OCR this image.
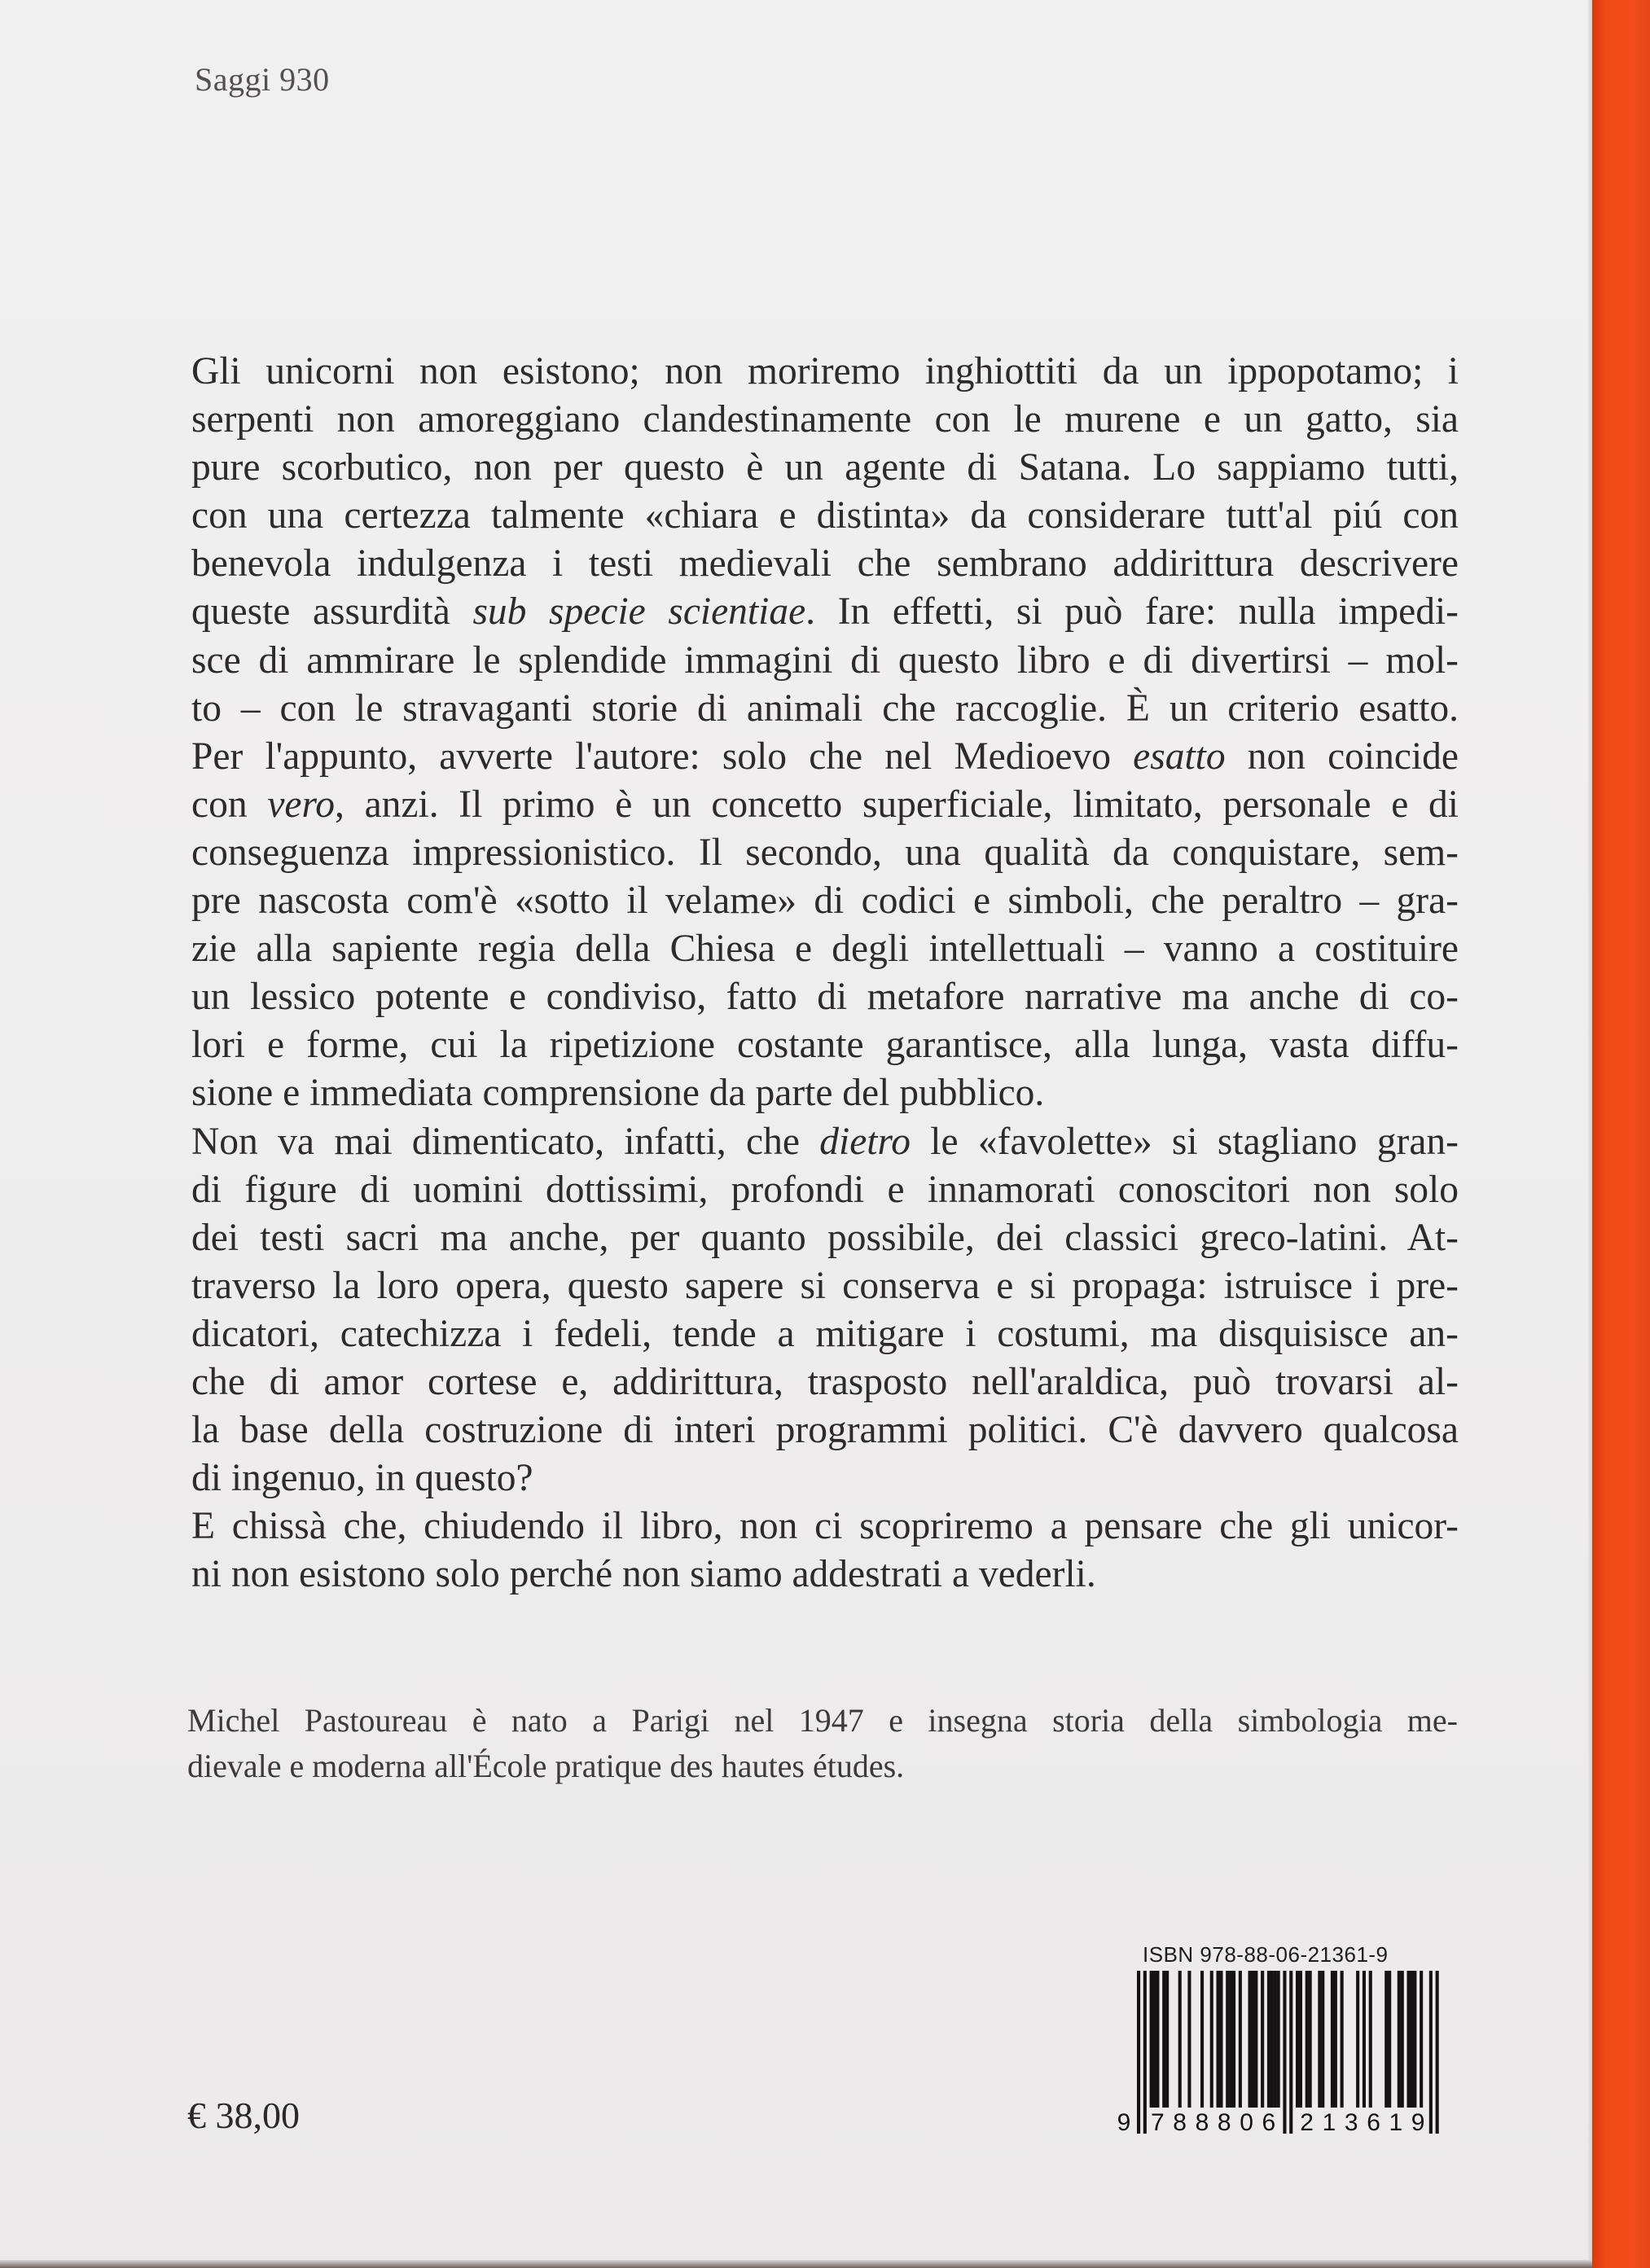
Saggi 930
Gli unicorni non esistono; non moriremo inghiottiti da un ippopotamo; i
serpenti non amoreggiano clandestinamente con le murene e un gatto, sia
pure scorbutico, non per questo è un agente di Satana. Lo sappiamo tutti,
con una certezza talmente «chiara e distinta» da considerare tutt'al piú con
benevola indulgenza i testi medievali che sembrano addirittura descrivere
queste assurdità sub specie scientiae. In effetti, si può fare: nulla impedi-
sce di ammirare le splendide immagini di questo libro e di divertirsi – mol-
to – con le stravaganti storie di animali che raccoglie. È un criterio esatto.
Per l'appunto, avverte l'autore: solo che nel Medioevo esatto non coincide
con vero, anzi. Il primo è un concetto superficiale, limitato, personale e di
conseguenza impressionistico. Il secondo, una qualità da conquistare, sem-
pre nascosta com'è «sotto il velame» di codici e simboli, che peraltro – gra-
zie alla sapiente regia della Chiesa e degli intellettuali – vanno a costituire
un lessico potente e condiviso, fatto di metafore narrative ma anche di co-
lori e forme, cui la ripetizione costante garantisce, alla lunga, vasta diffu-
sione e immediata comprensione da parte del pubblico.
Non va mai dimenticato, infatti, che dietro le «favolette» si stagliano gran-
di figure di uomini dottissimi, profondi e innamorati conoscitori non solo
dei testi sacri ma anche, per quanto possibile, dei classici greco-latini. At-
traverso la loro opera, questo sapere si conserva e si propaga: istruisce i pre-
dicatori, catechizza i fedeli, tende a mitigare i costumi, ma disquisisce an-
che di amor cortese e, addirittura, trasposto nell'araldica, può trovarsi al-
la base della costruzione di interi programmi politici. C'è davvero qualcosa
di ingenuo, in questo?
E chissà che, chiudendo il libro, non ci scopriremo a pensare che gli unicor-
ni non esistono solo perché non siamo addestrati a vederli.
Michel Pastoureau è nato a Parigi nel 1947 e insegna storia della simbologia me-
dievale e moderna all'École pratique des hautes études.
ISBN 978-88-06-21361-9
9 7 8 8 8 0 6 2 1 3 6 1 9
€ 38,00
